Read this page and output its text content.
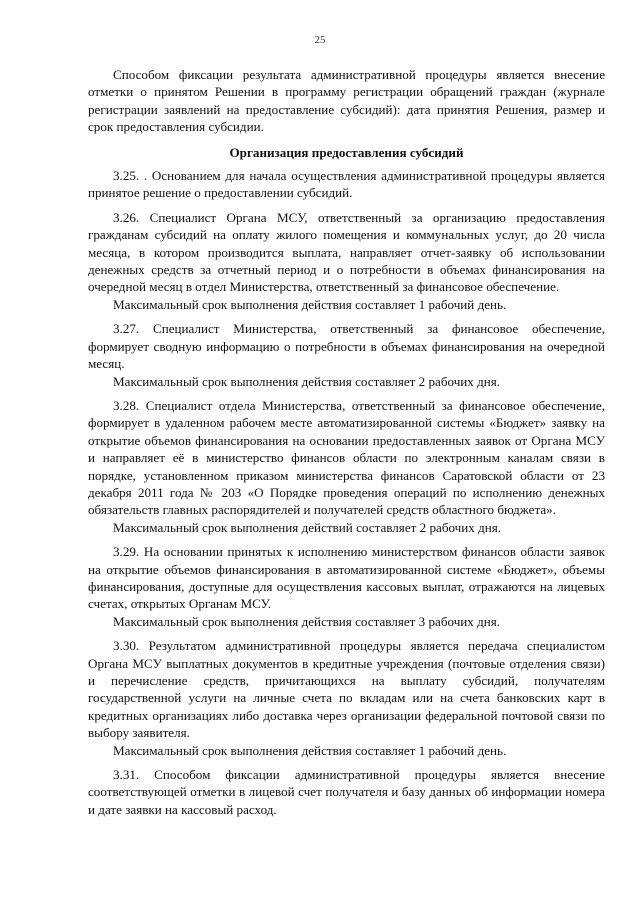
25

Способом фиксации результата административной процедуры является внесение отметки о принятом Решении в программу регистрации обращений граждан (журнале регистрации заявлений на предоставление субсидий): дата принятия Решения, размер и срок предоставления субсидии.

Организация предоставления субсидий

3.25. . Основанием для начала осуществления административной процедуры является принятое решение о предоставлении субсидий.

3.26. Специалист Органа МСУ, ответственный за организацию предоставления гражданам субсидий на оплату жилого помещения и коммунальных услуг, до 20 числа месяца, в котором производится выплата, направляет отчет-заявку об использовании денежных средств за отчетный период и о потребности в объемах финансирования на очередной месяц в отдел Министерства, ответственный за финансовое обеспечение.

Максимальный срок выполнения действия составляет 1 рабочий день.

3.27. Специалист Министерства, ответственный за финансовое обеспечение, формирует сводную информацию о потребности в объемах финансирования на очередной месяц.

Максимальный срок выполнения действия составляет 2 рабочих дня.

3.28. Специалист отдела Министерства, ответственный за финансовое обеспечение, формирует в удаленном рабочем месте автоматизированной системы «Бюджет» заявку на открытие объемов финансирования на основании предоставленных заявок от Органа МСУ и направляет её в министерство финансов области по электронным каналам связи в порядке, установленном приказом министерства финансов Саратовской области от 23 декабря 2011 года № 203 «О Порядке проведения операций по исполнению денежных обязательств главных распорядителей и получателей средств областного бюджета».

Максимальный срок выполнения действий составляет 2 рабочих дня.

3.29. На основании принятых к исполнению министерством финансов области заявок на открытие объемов финансирования в автоматизированной системе «Бюджет», объемы финансирования, доступные для осуществления кассовых выплат, отражаются на лицевых счетах, открытых Органам МСУ.

Максимальный срок выполнения действия составляет 3 рабочих дня.

3.30. Результатом административной процедуры является передача специалистом Органа МСУ выплатных документов в кредитные учреждения (почтовые отделения связи) и перечисление средств, причитающихся на выплату субсидий, получателям государственной услуги на личные счета по вкладам или на счета банковских карт в кредитных организациях либо доставка через организации федеральной почтовой связи по выбору заявителя.

Максимальный срок выполнения действия составляет 1 рабочий день.

3.31. Способом фиксации административной процедуры является внесение соответствующей отметки в лицевой счет получателя и базу данных об информации номера и дате заявки на кассовый расход.
